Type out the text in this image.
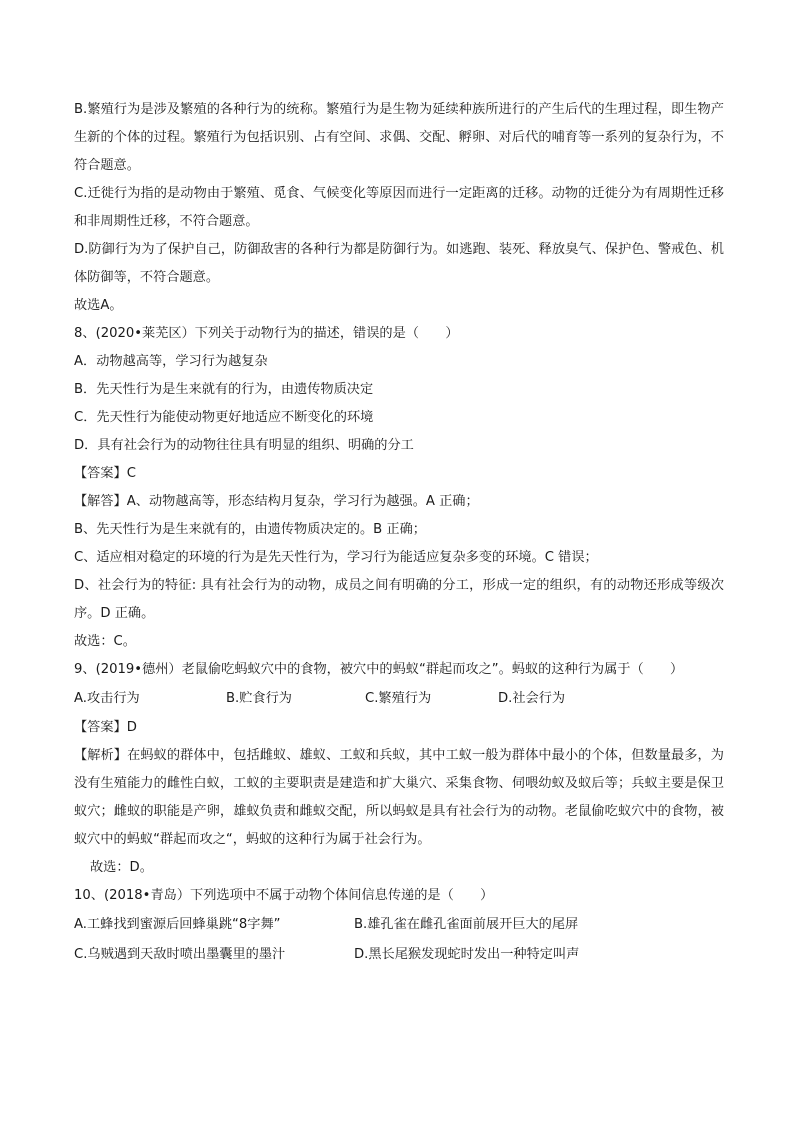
B.繁殖行为是涉及繁殖的各种行为的统称。繁殖行为是生物为延续种族所进行的产生后代的生理过程，即生物产生新的个体的过程。繁殖行为包括识别、占有空间、求偶、交配、孵卵、对后代的哺育等一系列的复杂行为，不符合题意。

C.迁徙行为指的是动物由于繁殖、觅食、气候变化等原因而进行一定距离的迁移。动物的迁徙分为有周期性迁移和非周期性迁移，不符合题意。

D.防御行为为了保护自己，防御敌害的各种行为都是防御行为。如逃跑、装死、释放臭气、保护色、警戒色、机体防御等，不符合题意。

故选A。

8、(2020•莱芜区）下列关于动物行为的描述，错误的是（　　）

A．动物越高等，学习行为越复杂

B．先天性行为是生来就有的行为，由遗传物质决定

C．先天性行为能使动物更好地适应不断变化的环境

D．具有社会行为的动物往往具有明显的组织、明确的分工

【答案】C

【解答】A、动物越高等，形态结构月复杂，学习行为越强。A 正确；

B、先天性行为是生来就有的，由遗传物质决定的。B 正确；

C、适应相对稳定的环境的行为是先天性行为，学习行为能适应复杂多变的环境。C 错误；

D、社会行为的特征: 具有社会行为的动物，成员之间有明确的分工，形成一定的组织，有的动物还形成等级次序。D 正确。

故选：C。

9、(2019•德州）老鼠偷吃蚂蚁穴中的食物，被穴中的蚂蚁“群起而攻之”。蚂蚁的这种行为属于（　　）

A.攻击行为	B.贮食行为	C.繁殖行为	D.社会行为

【答案】D

【解析】在蚂蚁的群体中，包括雌蚁、雄蚁、工蚁和兵蚁，其中工蚁一般为群体中最小的个体，但数量最多，为没有生殖能力的雌性白蚁，工蚁的主要职责是建造和扩大巢穴、采集食物、伺喂幼蚁及蚁后等；兵蚁主要是保卫蚁穴；雌蚁的职能是产卵，雄蚁负责和雌蚁交配，所以蚂蚁是具有社会行为的动物。老鼠偷吃蚁穴中的食物，被蚁穴中的蚂蚁“群起而攻之“，蚂蚁的这种行为属于社会行为。

故选：D。

10、(2018•青岛）下列选项中不属于动物个体间信息传递的是（　　）

A.工蜂找到蜜源后回蜂巢跳“8字舞”	B.雄孔雀在雌孔雀面前展开巨大的尾屏
C.乌贼遇到天敌时喷出墨囊里的墨汁	D.黑长尾猴发现蛇时发出一种特定叫声
